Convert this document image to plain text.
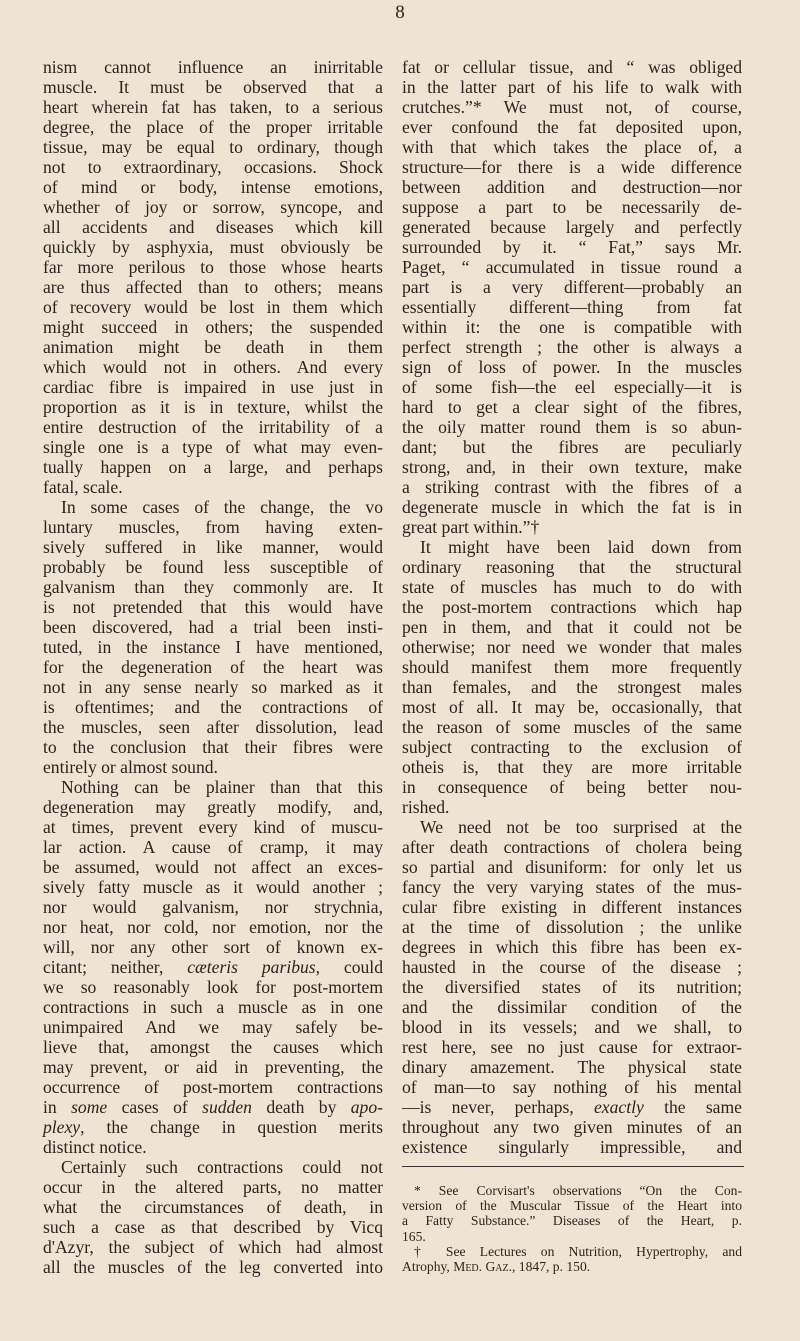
8
nism cannot influence an inirritable
muscle. It must be observed that a
heart wherein fat has taken, to a serious
degree, the place of the proper irritable
tissue, may be equal to ordinary, though
not to extraordinary, occasions. Shock
of mind or body, intense emotions,
whether of joy or sorrow, syncope, and
all accidents and diseases which kill
quickly by asphyxia, must obviously be
far more perilous to those whose hearts
are thus affected than to others; means
of recovery would be lost in them which
might succeed in others; the suspended
animation might be death in them
which would not in others. And every
cardiac fibre is impaired in use just in
proportion as it is in texture, whilst the
entire destruction of the irritability of a
single one is a type of what may even-
tually happen on a large, and perhaps
fatal, scale.
In some cases of the change, the vo
luntary muscles, from having exten-
sively suffered in like manner, would
probably be found less susceptible of
galvanism than they commonly are. It
is not pretended that this would have
been discovered, had a trial been insti-
tuted, in the instance I have mentioned,
for the degeneration of the heart was
not in any sense nearly so marked as it
is oftentimes; and the contractions of
the muscles, seen after dissolution, lead
to the conclusion that their fibres were
entirely or almost sound.
Nothing can be plainer than that this
degeneration may greatly modify, and,
at times, prevent every kind of muscu-
lar action. A cause of cramp, it may
be assumed, would not affect an exces-
sively fatty muscle as it would another ;
nor would galvanism, nor strychnia,
nor heat, nor cold, nor emotion, nor the
will, nor any other sort of known ex-
citant; neither, cæteris paribus, could
we so reasonably look for post-mortem
contractions in such a muscle as in one
unimpaired And we may safely be-
lieve that, amongst the causes which
may prevent, or aid in preventing, the
occurrence of post-mortem contractions
in some cases of sudden death by apo-
plexy, the change in question merits
distinct notice.
Certainly such contractions could not
occur in the altered parts, no matter
what the circumstances of death, in
such a case as that described by Vicq
d'Azyr, the subject of which had almost
all the muscles of the leg converted into
fat or cellular tissue, and “ was obliged
in the latter part of his life to walk with
crutches.”* We must not, of course,
ever confound the fat deposited upon,
with that which takes the place of, a
structure—for there is a wide difference
between addition and destruction—nor
suppose a part to be necessarily de-
generated because largely and perfectly
surrounded by it. “ Fat,” says Mr.
Paget, “ accumulated in tissue round a
part is a very different—probably an
essentially different—thing from fat
within it: the one is compatible with
perfect strength ; the other is always a
sign of loss of power. In the muscles
of some fish—the eel especially—it is
hard to get a clear sight of the fibres,
the oily matter round them is so abun-
dant; but the fibres are peculiarly
strong, and, in their own texture, make
a striking contrast with the fibres of a
degenerate muscle in which the fat is in
great part within.”†
It might have been laid down from
ordinary reasoning that the structural
state of muscles has much to do with
the post-mortem contractions which hap
pen in them, and that it could not be
otherwise; nor need we wonder that males
should manifest them more frequently
than females, and the strongest males
most of all. It may be, occasionally, that
the reason of some muscles of the same
subject contracting to the exclusion of
otheis is, that they are more irritable
in consequence of being better nou-
rished.
We need not be too surprised at the
after death contractions of cholera being
so partial and disuniform: for only let us
fancy the very varying states of the mus-
cular fibre existing in different instances
at the time of dissolution ; the unlike
degrees in which this fibre has been ex-
hausted in the course of the disease ;
the diversified states of its nutrition;
and the dissimilar condition of the
blood in its vessels; and we shall, to
rest here, see no just cause for extraor-
dinary amazement. The physical state
of man—to say nothing of his mental
—is never, perhaps, exactly the same
throughout any two given minutes of an
existence singularly impressible, and
* See Corvisart's observations “On the Con-
version of the Muscular Tissue of the Heart into
a Fatty Substance.” Diseases of the Heart, p.
165.
† See Lectures on Nutrition, Hypertrophy, and
Atrophy, Med. Gaz., 1847, p. 150.
